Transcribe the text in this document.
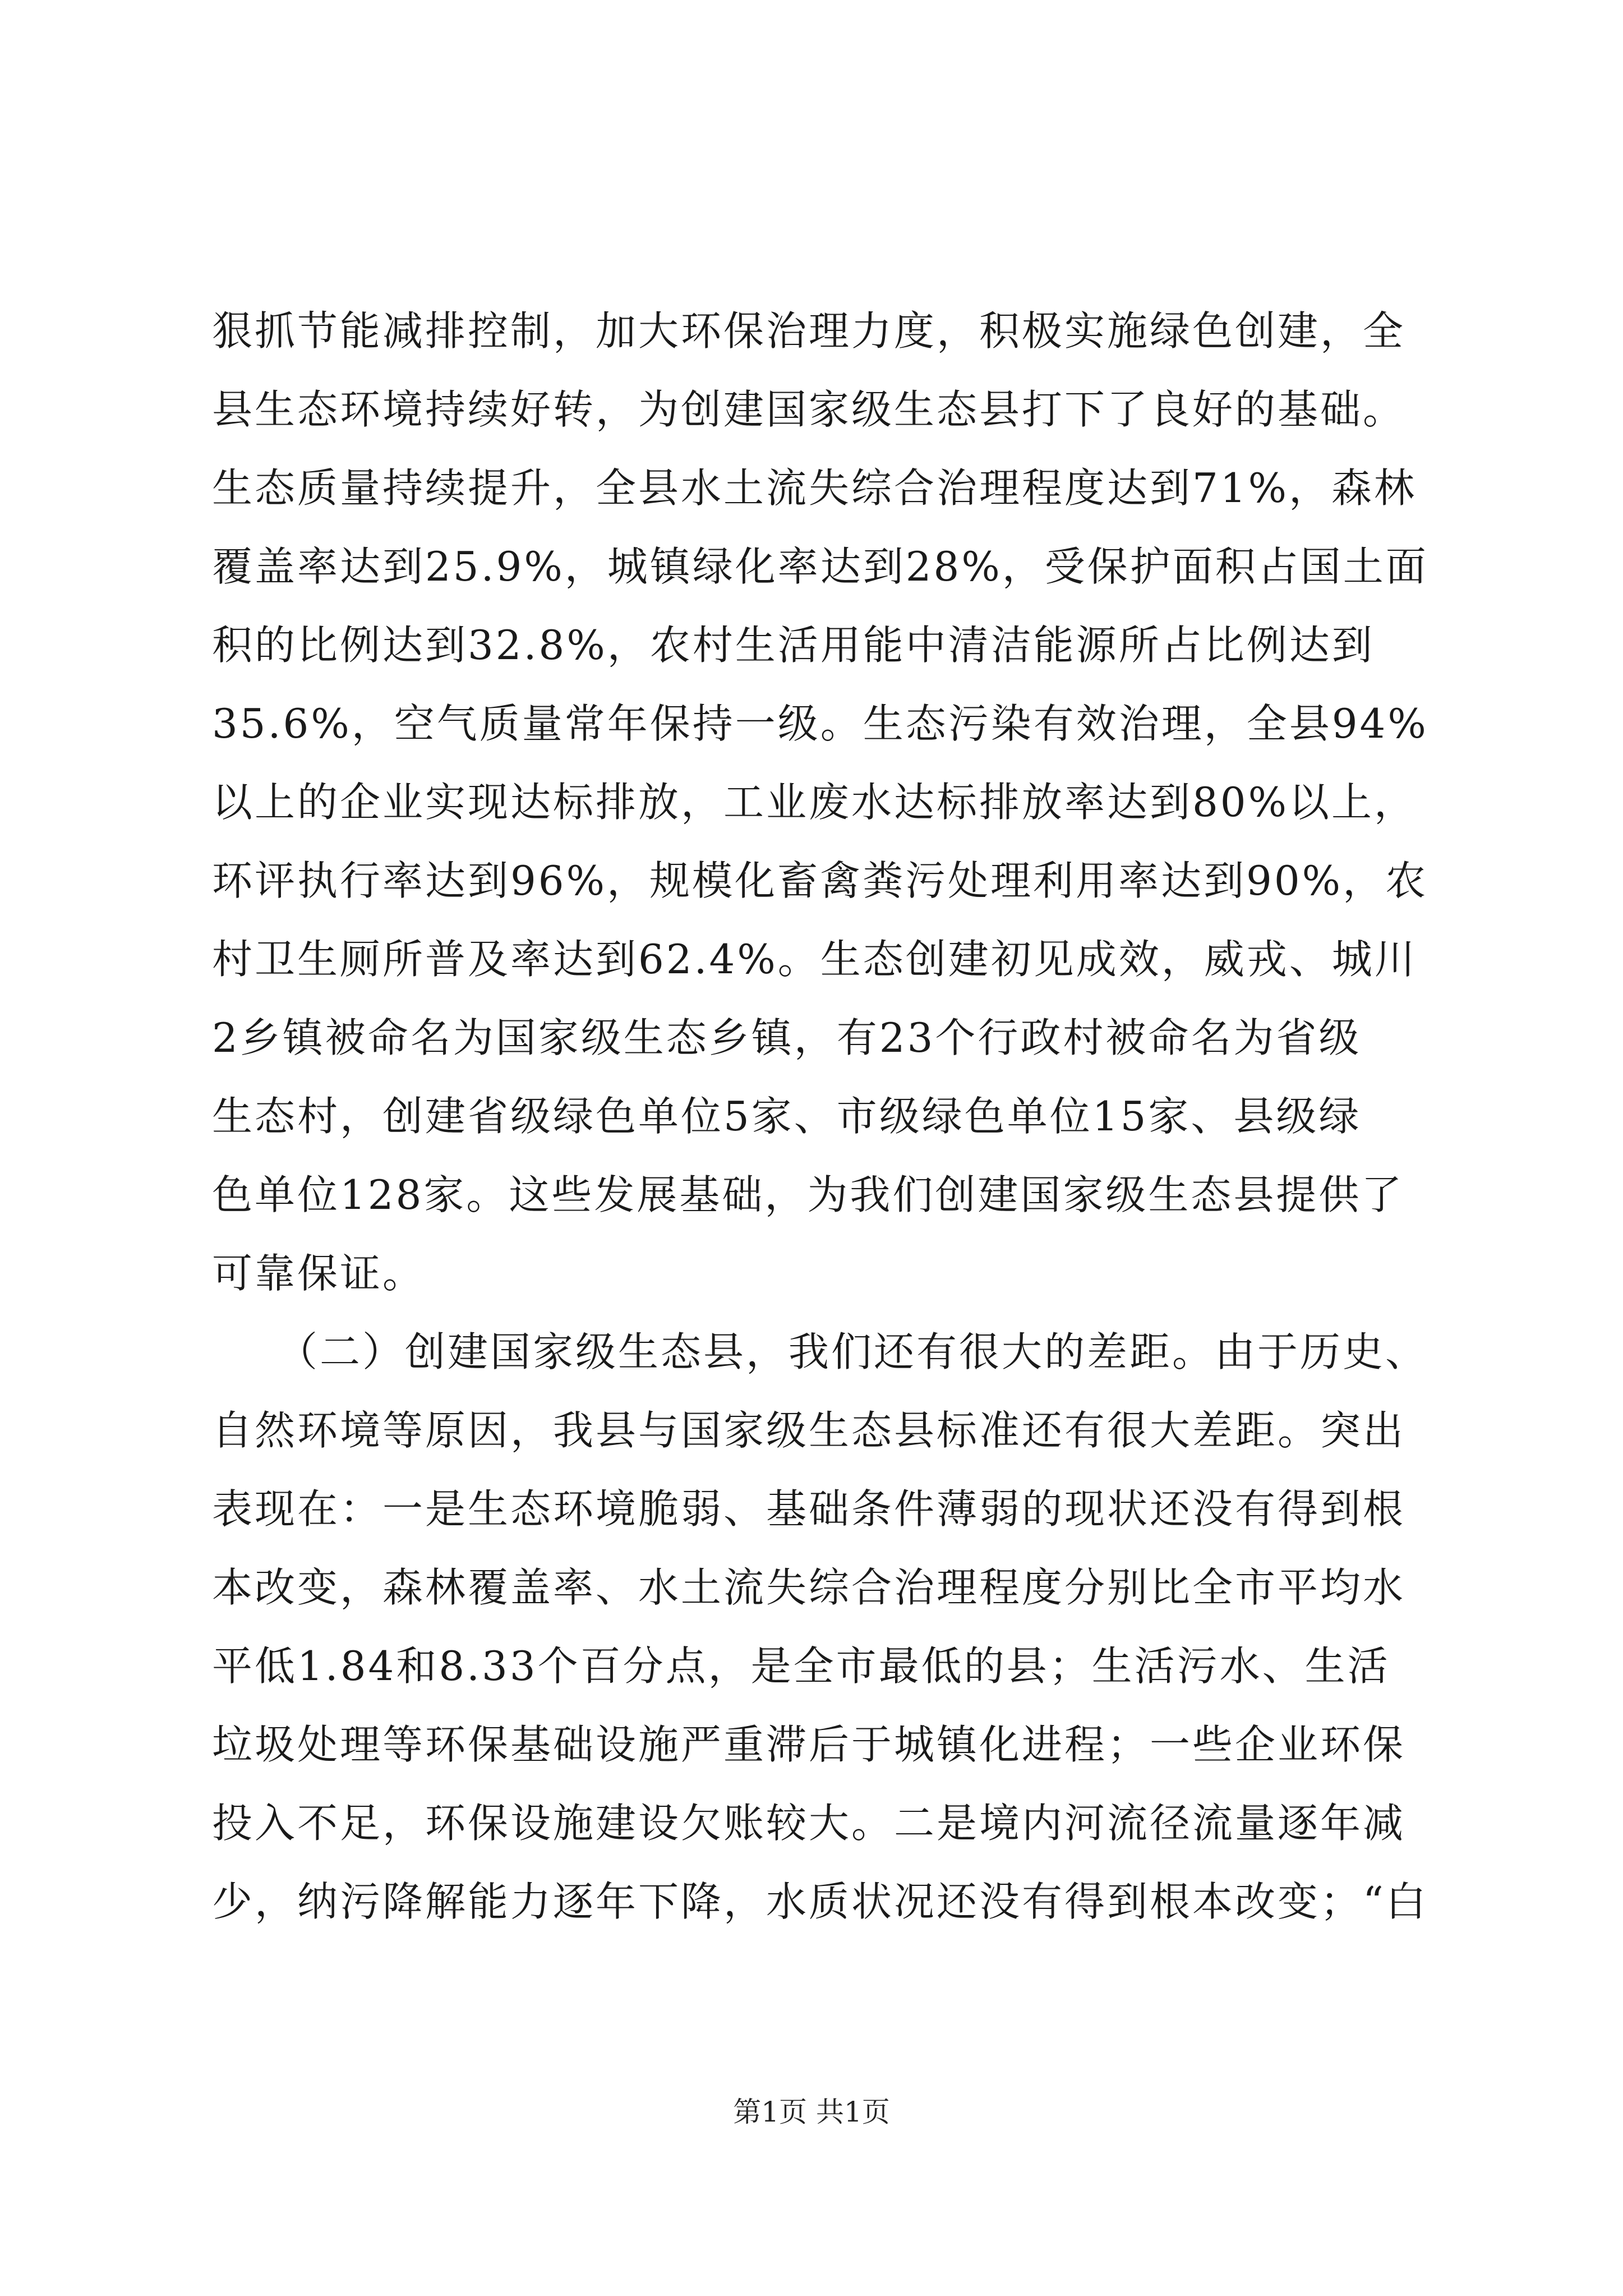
狠抓节能减排控制，加大环保治理力度，积极实施绿色创建，全
县生态环境持续好转，为创建国家级生态县打下了良好的基础。
生态质量持续提升，全县水土流失综合治理程度达到71%，森林
覆盖率达到25.9%，城镇绿化率达到28%，受保护面积占国土面
积的比例达到32.8%，农村生活用能中清洁能源所占比例达到
35.6%，空气质量常年保持一级。生态污染有效治理，全县94%
以上的企业实现达标排放，工业废水达标排放率达到80%以上，
环评执行率达到96%，规模化畜禽粪污处理利用率达到90%，农
村卫生厕所普及率达到62.4%。生态创建初见成效，威戎、城川
2乡镇被命名为国家级生态乡镇，有23个行政村被命名为省级
生态村，创建省级绿色单位5家、市级绿色单位15家、县级绿
色单位128家。这些发展基础，为我们创建国家级生态县提供了
可靠保证。
　　（二）创建国家级生态县，我们还有很大的差距。由于历史、
自然环境等原因，我县与国家级生态县标准还有很大差距。突出
表现在：一是生态环境脆弱、基础条件薄弱的现状还没有得到根
本改变，森林覆盖率、水土流失综合治理程度分别比全市平均水
平低1.84和8.33个百分点，是全市最低的县；生活污水、生活
垃圾处理等环保基础设施严重滞后于城镇化进程；一些企业环保
投入不足，环保设施建设欠账较大。二是境内河流径流量逐年减
少，纳污降解能力逐年下降，水质状况还没有得到根本改变；“白
第1页 共1页
